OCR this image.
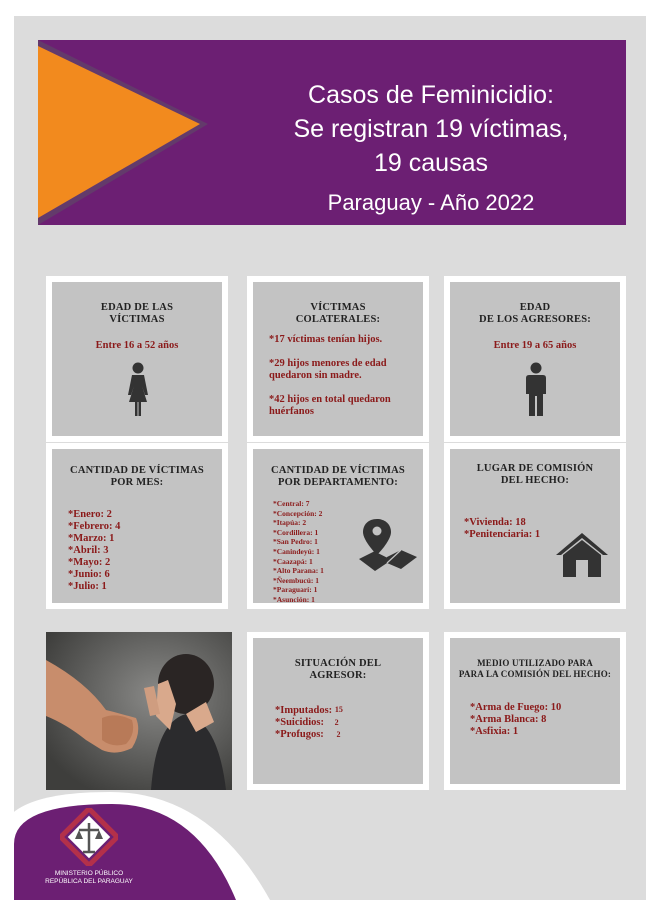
Casos de Feminicidio:
Se registran 19 víctimas,
19 causas
Paraguay - Año 2022
EDAD DE LAS
VÍCTIMAS
Entre 16 a 52 años
VÍCTIMAS
COLATERALES:
*17 víctimas tenían hijos.
*29 hijos menores de edad
quedaron sin madre.
*42 hijos en total quedaron
huérfanos
EDAD
DE LOS AGRESORES:
Entre 19 a 65 años
CANTIDAD DE VÍCTIMAS
POR MES:
*Enero: 2
*Febrero: 4
*Marzo: 1
*Abril: 3
*Mayo: 2
*Junio: 6
*Julio: 1
CANTIDAD DE VÍCTIMAS
POR DEPARTAMENTO:
*Central: 7
*Concepción: 2
*Itapúa: 2
*Cordillera: 1
*San Pedro: 1
*Canindeyú: 1
*Caazapá: 1
*Alto Parana: 1
*Ñeembucú: 1
*Paraguarí: 1
*Asunción: 1
LUGAR DE COMISIÓN
DEL HECHO:
*Vivienda: 18
*Penitenciaria: 1
SITUACIÓN DEL
AGRESOR:
*Imputados: 15
*Suicidios: 2
*Profugos: 2
MEDIO UTILIZADO PARA
PARA LA COMISIÓN DEL HECHO:
*Arma de Fuego: 10
*Arma Blanca: 8
*Asfixia: 1
MINISTERIO PÚBLICO
REPÚBLICA DEL PARAGUAY
